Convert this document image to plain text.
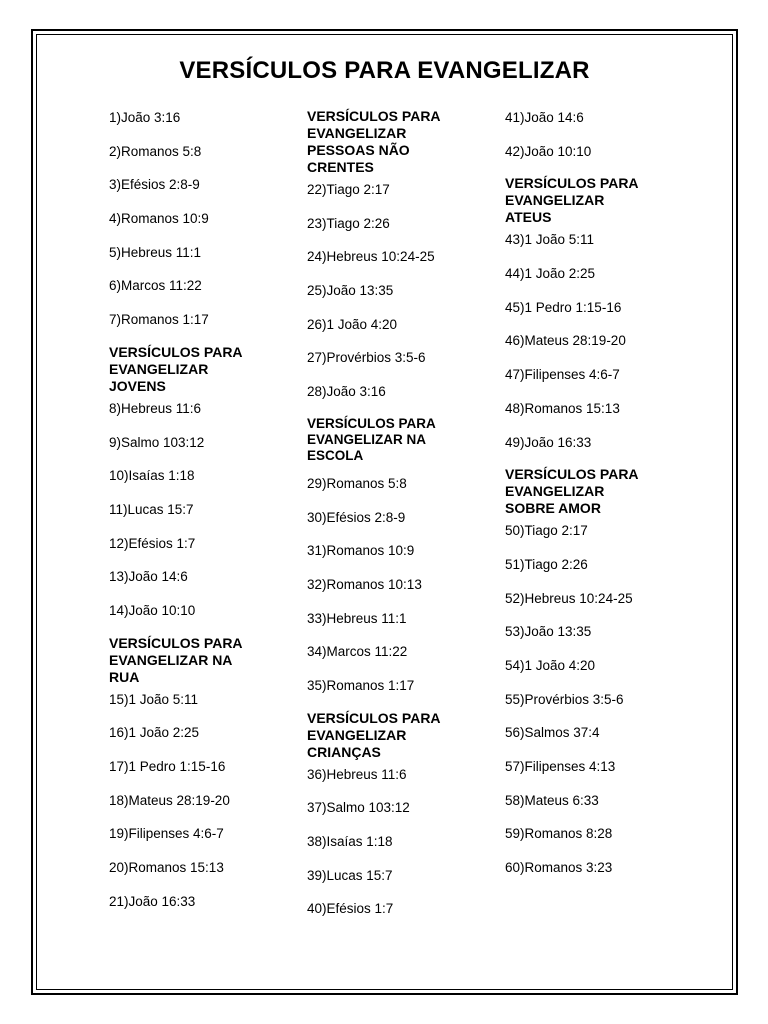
VERSÍCULOS PARA EVANGELIZAR
1)João 3:16
2)Romanos 5:8
3)Efésios 2:8-9
4)Romanos 10:9
5)Hebreus 11:1
6)Marcos 11:22
7)Romanos 1:17
VERSÍCULOS PARA
EVANGELIZAR
JOVENS
8)Hebreus 11:6
9)Salmo 103:12
10)Isaías 1:18
11)Lucas 15:7
12)Efésios 1:7
13)João 14:6
14)João 10:10
VERSÍCULOS PARA
EVANGELIZAR NA
RUA
15)1 João 5:11
16)1 João 2:25
17)1 Pedro 1:15-16
18)Mateus 28:19-20
19)Filipenses 4:6-7
20)Romanos 15:13
21)João 16:33
VERSÍCULOS PARA
EVANGELIZAR
PESSOAS NÃO
CRENTES
22)Tiago 2:17
23)Tiago 2:26
24)Hebreus 10:24-25
25)João 13:35
26)1 João 4:20
27)Provérbios 3:5-6
28)João 3:16
VERSÍCULOS PARA
EVANGELIZAR NA
ESCOLA
29)Romanos 5:8
30)Efésios 2:8-9
31)Romanos 10:9
32)Romanos 10:13
33)Hebreus 11:1
34)Marcos 11:22
35)Romanos 1:17
VERSÍCULOS PARA
EVANGELIZAR
CRIANÇAS
36)Hebreus 11:6
37)Salmo 103:12
38)Isaías 1:18
39)Lucas 15:7
40)Efésios 1:7
41)João 14:6
42)João 10:10
VERSÍCULOS PARA
EVANGELIZAR
ATEUS
43)1 João 5:11
44)1 João 2:25
45)1 Pedro 1:15-16
46)Mateus 28:19-20
47)Filipenses 4:6-7
48)Romanos 15:13
49)João 16:33
VERSÍCULOS PARA
EVANGELIZAR
SOBRE AMOR
50)Tiago 2:17
51)Tiago 2:26
52)Hebreus 10:24-25
53)João 13:35
54)1 João 4:20
55)Provérbios 3:5-6
56)Salmos 37:4
57)Filipenses 4:13
58)Mateus 6:33
59)Romanos 8:28
60)Romanos 3:23
